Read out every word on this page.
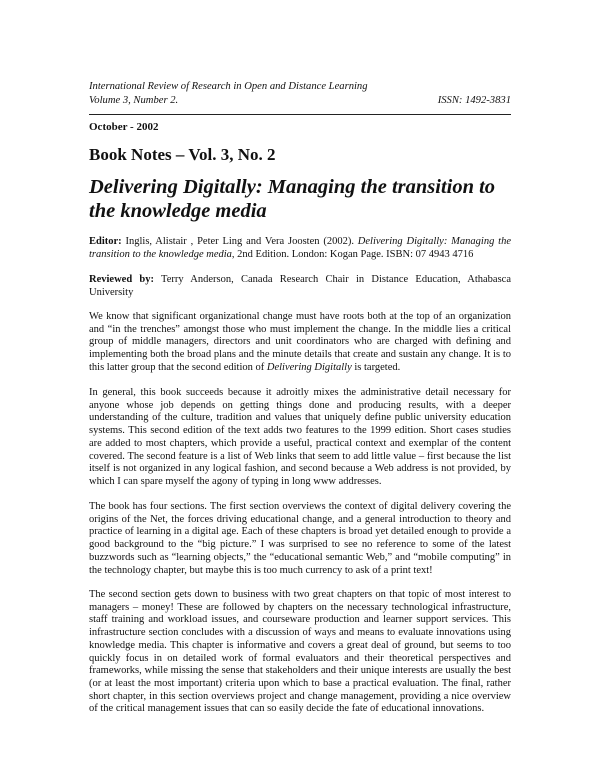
International Review of Research in Open and Distance Learning
Volume 3, Number 2.	ISSN: 1492-3831
October - 2002
Book Notes – Vol. 3, No. 2
Delivering Digitally: Managing the transition to the knowledge media

Editor: Inglis, Alistair , Peter Ling and Vera Joosten (2002). Delivering Digitally: Managing the transition to the knowledge media, 2nd Edition. London: Kogan Page. ISBN: 07 4943 4716

Reviewed by: Terry Anderson, Canada Research Chair in Distance Education, Athabasca University

We know that significant organizational change must have roots both at the top of an organization and “in the trenches” amongst those who must implement the change. In the middle lies a critical group of middle managers, directors and unit coordinators who are charged with defining and implementing both the broad plans and the minute details that create and sustain any change. It is to this latter group that the second edition of Delivering Digitally is targeted.

In general, this book succeeds because it adroitly mixes the administrative detail necessary for anyone whose job depends on getting things done and producing results, with a deeper understanding of the culture, tradition and values that uniquely define public university education systems. This second edition of the text adds two features to the 1999 edition. Short cases studies are added to most chapters, which provide a useful, practical context and exemplar of the content covered. The second feature is a list of Web links that seem to add little value – first because the list itself is not organized in any logical fashion, and second because a Web address is not provided, by which I can spare myself the agony of typing in long www addresses.

The book has four sections. The first section overviews the context of digital delivery covering the origins of the Net, the forces driving educational change, and a general introduction to theory and practice of learning in a digital age. Each of these chapters is broad yet detailed enough to provide a good background to the “big picture.” I was surprised to see no reference to some of the latest buzzwords such as “learning objects,” the “educational semantic Web,” and “mobile computing” in the technology chapter, but maybe this is too much currency to ask of a print text!

The second section gets down to business with two great chapters on that topic of most interest to managers – money! These are followed by chapters on the necessary technological infrastructure, staff training and workload issues, and courseware production and learner support services. This infrastructure section concludes with a discussion of ways and means to evaluate innovations using knowledge media. This chapter is informative and covers a great deal of ground, but seems to too quickly focus in on detailed work of formal evaluators and their theoretical perspectives and frameworks, while missing the sense that stakeholders and their unique interests are usually the best (or at least the most important) criteria upon which to base a practical evaluation. The final, rather short chapter, in this section overviews project and change management, providing a nice overview of the critical management issues that can so easily decide the fate of educational innovations.
